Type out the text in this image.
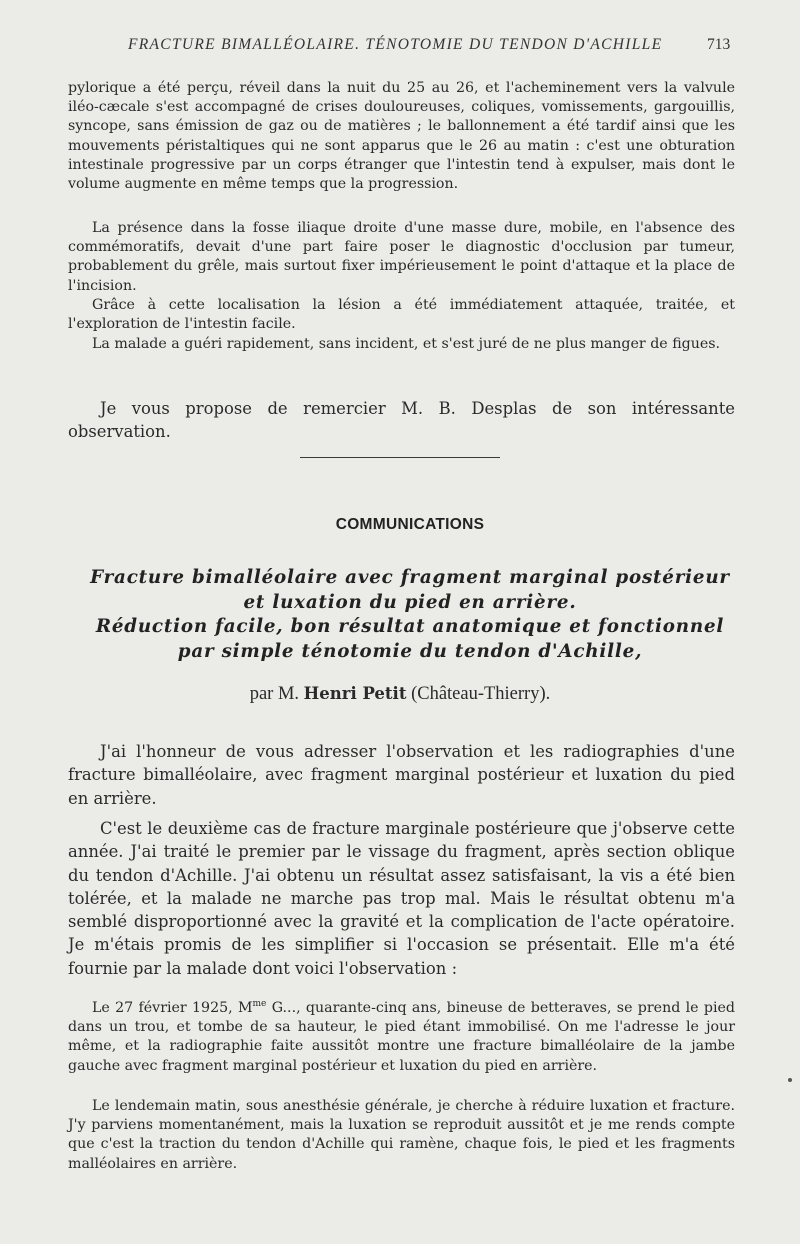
FRACTURE BIMALLÉOLAIRE. TÉNOTOMIE DU TENDON D'ACHILLE	713

pylorique a été perçu, réveil dans la nuit du 25 au 26, et l'acheminement vers la valvule iléo-cæcale s'est accompagné de crises douloureuses, coliques, vomissements, gargouillis, syncope, sans émission de gaz ou de matières ; le ballonnement a été tardif ainsi que les mouvements péristaltiques qui ne sont apparus que le 26 au matin : c'est une obturation intestinale progressive par un corps étranger que l'intestin tend à expulser, mais dont le volume augmente en même temps que la progression.

La présence dans la fosse iliaque droite d'une masse dure, mobile, en l'absence des commémoratifs, devait d'une part faire poser le diagnostic d'occlusion par tumeur, probablement du grêle, mais surtout fixer impérieusement le point d'attaque et la place de l'incision.

Grâce à cette localisation la lésion a été immédiatement attaquée, traitée, et l'exploration de l'intestin facile.

La malade a guéri rapidement, sans incident, et s'est juré de ne plus manger de figues.

Je vous propose de remercier M. B. Desplas de son intéressante observation.

COMMUNICATIONS
Fracture bimalléolaire avec fragment marginal postérieur
et luxation du pied en arrière.
Réduction facile, bon résultat anatomique et fonctionnel
par simple ténotomie du tendon d'Achille,
par M. Henri Petit (Château-Thierry).

J'ai l'honneur de vous adresser l'observation et les radiographies d'une fracture bimalléolaire, avec fragment marginal postérieur et luxation du pied en arrière.

C'est le deuxième cas de fracture marginale postérieure que j'observe cette année. J'ai traité le premier par le vissage du fragment, après section oblique du tendon d'Achille. J'ai obtenu un résultat assez satisfaisant, la vis a été bien tolérée, et la malade ne marche pas trop mal. Mais le résultat obtenu m'a semblé disproportionné avec la gravité et la complication de l'acte opératoire. Je m'étais promis de les simplifier si l'occasion se présentait. Elle m'a été fournie par la malade dont voici l'observation :

Le 27 février 1925, $M^{me}$ G..., quarante-cinq ans, bineuse de betteraves, se prend le pied dans un trou, et tombe de sa hauteur, le pied étant immobilisé. On me l'adresse le jour même, et la radiographie faite aussitôt montre une fracture bimalléolaire de la jambe gauche avec fragment marginal postérieur et luxation du pied en arrière.

Le lendemain matin, sous anesthésie générale, je cherche à réduire luxation et fracture. J'y parviens momentanément, mais la luxation se reproduit aussitôt et je me rends compte que c'est la traction du tendon d'Achille qui ramène, chaque fois, le pied et les fragments malléolaires en arrière.
